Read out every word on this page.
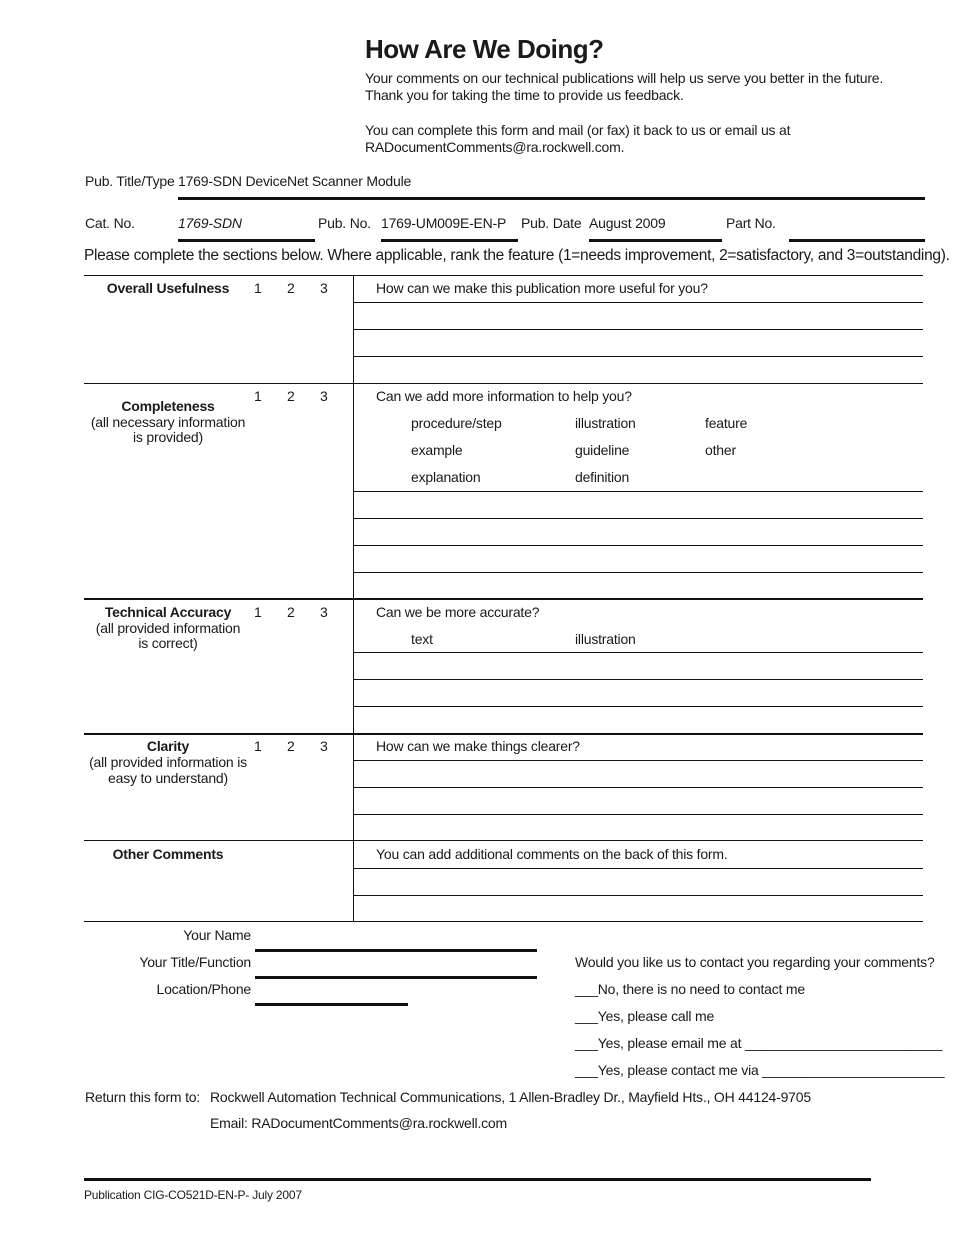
How Are We Doing?
Your comments on our technical publications will help us serve you better in the future.
Thank you for taking the time to provide us feedback.
You can complete this form and mail (or fax) it back to us or email us at
RADocumentComments@ra.rockwell.com.
Pub. Title/Type 1769-SDN DeviceNet Scanner Module
Cat. No.	1769-SDN	Pub. No. 1769-UM009E-EN-P Pub. Date August 2009	Part No.
Please complete the sections below. Where applicable, rank the feature (1=needs improvement, 2=satisfactory, and 3=outstanding).
Overall Usefulness	1 2 3	How can we make this publication more useful for you?
Completeness
(all necessary information
is provided)
1 2 3	Can we add more information to help you?
procedure/step	illustration	feature
example	guideline	other
explanation	definition
Technical Accuracy
(all provided information
is correct)
1 2 3	Can we be more accurate?
text	illustration
Clarity
(all provided information is
easy to understand)
1 2 3	How can we make things clearer?
Other Comments	You can add additional comments on the back of this form.
Your Name
Your Title/Function
Location/Phone
Would you like us to contact you regarding your comments?
___No, there is no need to contact me
___Yes, please call me
___Yes, please email me at __________________________
___Yes, please contact me via ________________________
Return this form to: Rockwell Automation Technical Communications, 1 Allen-Bradley Dr., Mayfield Hts., OH 44124-9705
Email: RADocumentComments@ra.rockwell.com
Publication CIG-CO521D-EN-P- July 2007
